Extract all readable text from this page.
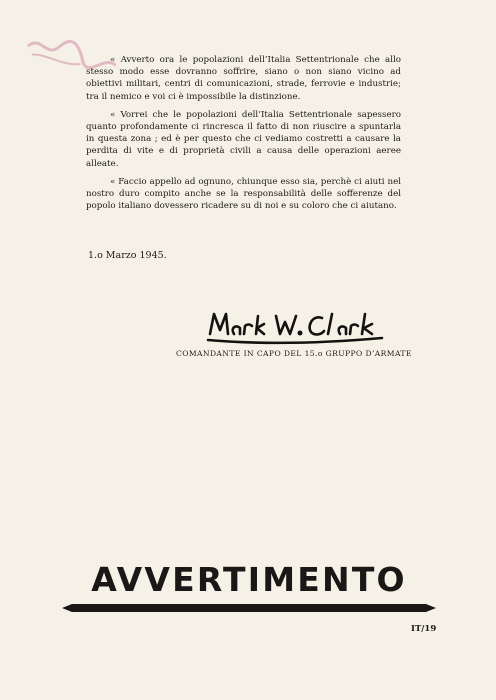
« Avverto ora le popolazioni dell’Italia Settentrionale che allo stesso modo esse dovranno soffrire, siano o non siano vicino ad obiettivi militari, centri di comunicazioni, strade, ferrovie e industrie; tra il nemico e voi ci è impossibile la distinzione.

« Vorrei che le popolazioni dell’Italia Settentrionale sapessero quanto profondamente ci rincresca il fatto di non riuscire a spuntarla in questa zona ; ed è per questo che ci vediamo costretti a causare la perdita di vite e di proprietà civili a causa delle operazioni aeree alleate.

« Faccio appello ad ognuno, chiunque esso sia, perchè ci aiuti nel nostro duro compito anche se la responsabilità delle sofferenze del popolo italiano dovessero ricadere su di noi e su coloro che ci aiutano.

1.o Marzo 1945.
COMANDANTE IN CAPO DEL 15.o GRUPPO D’ARMATE
AVVERTIMENTO
IT/19
